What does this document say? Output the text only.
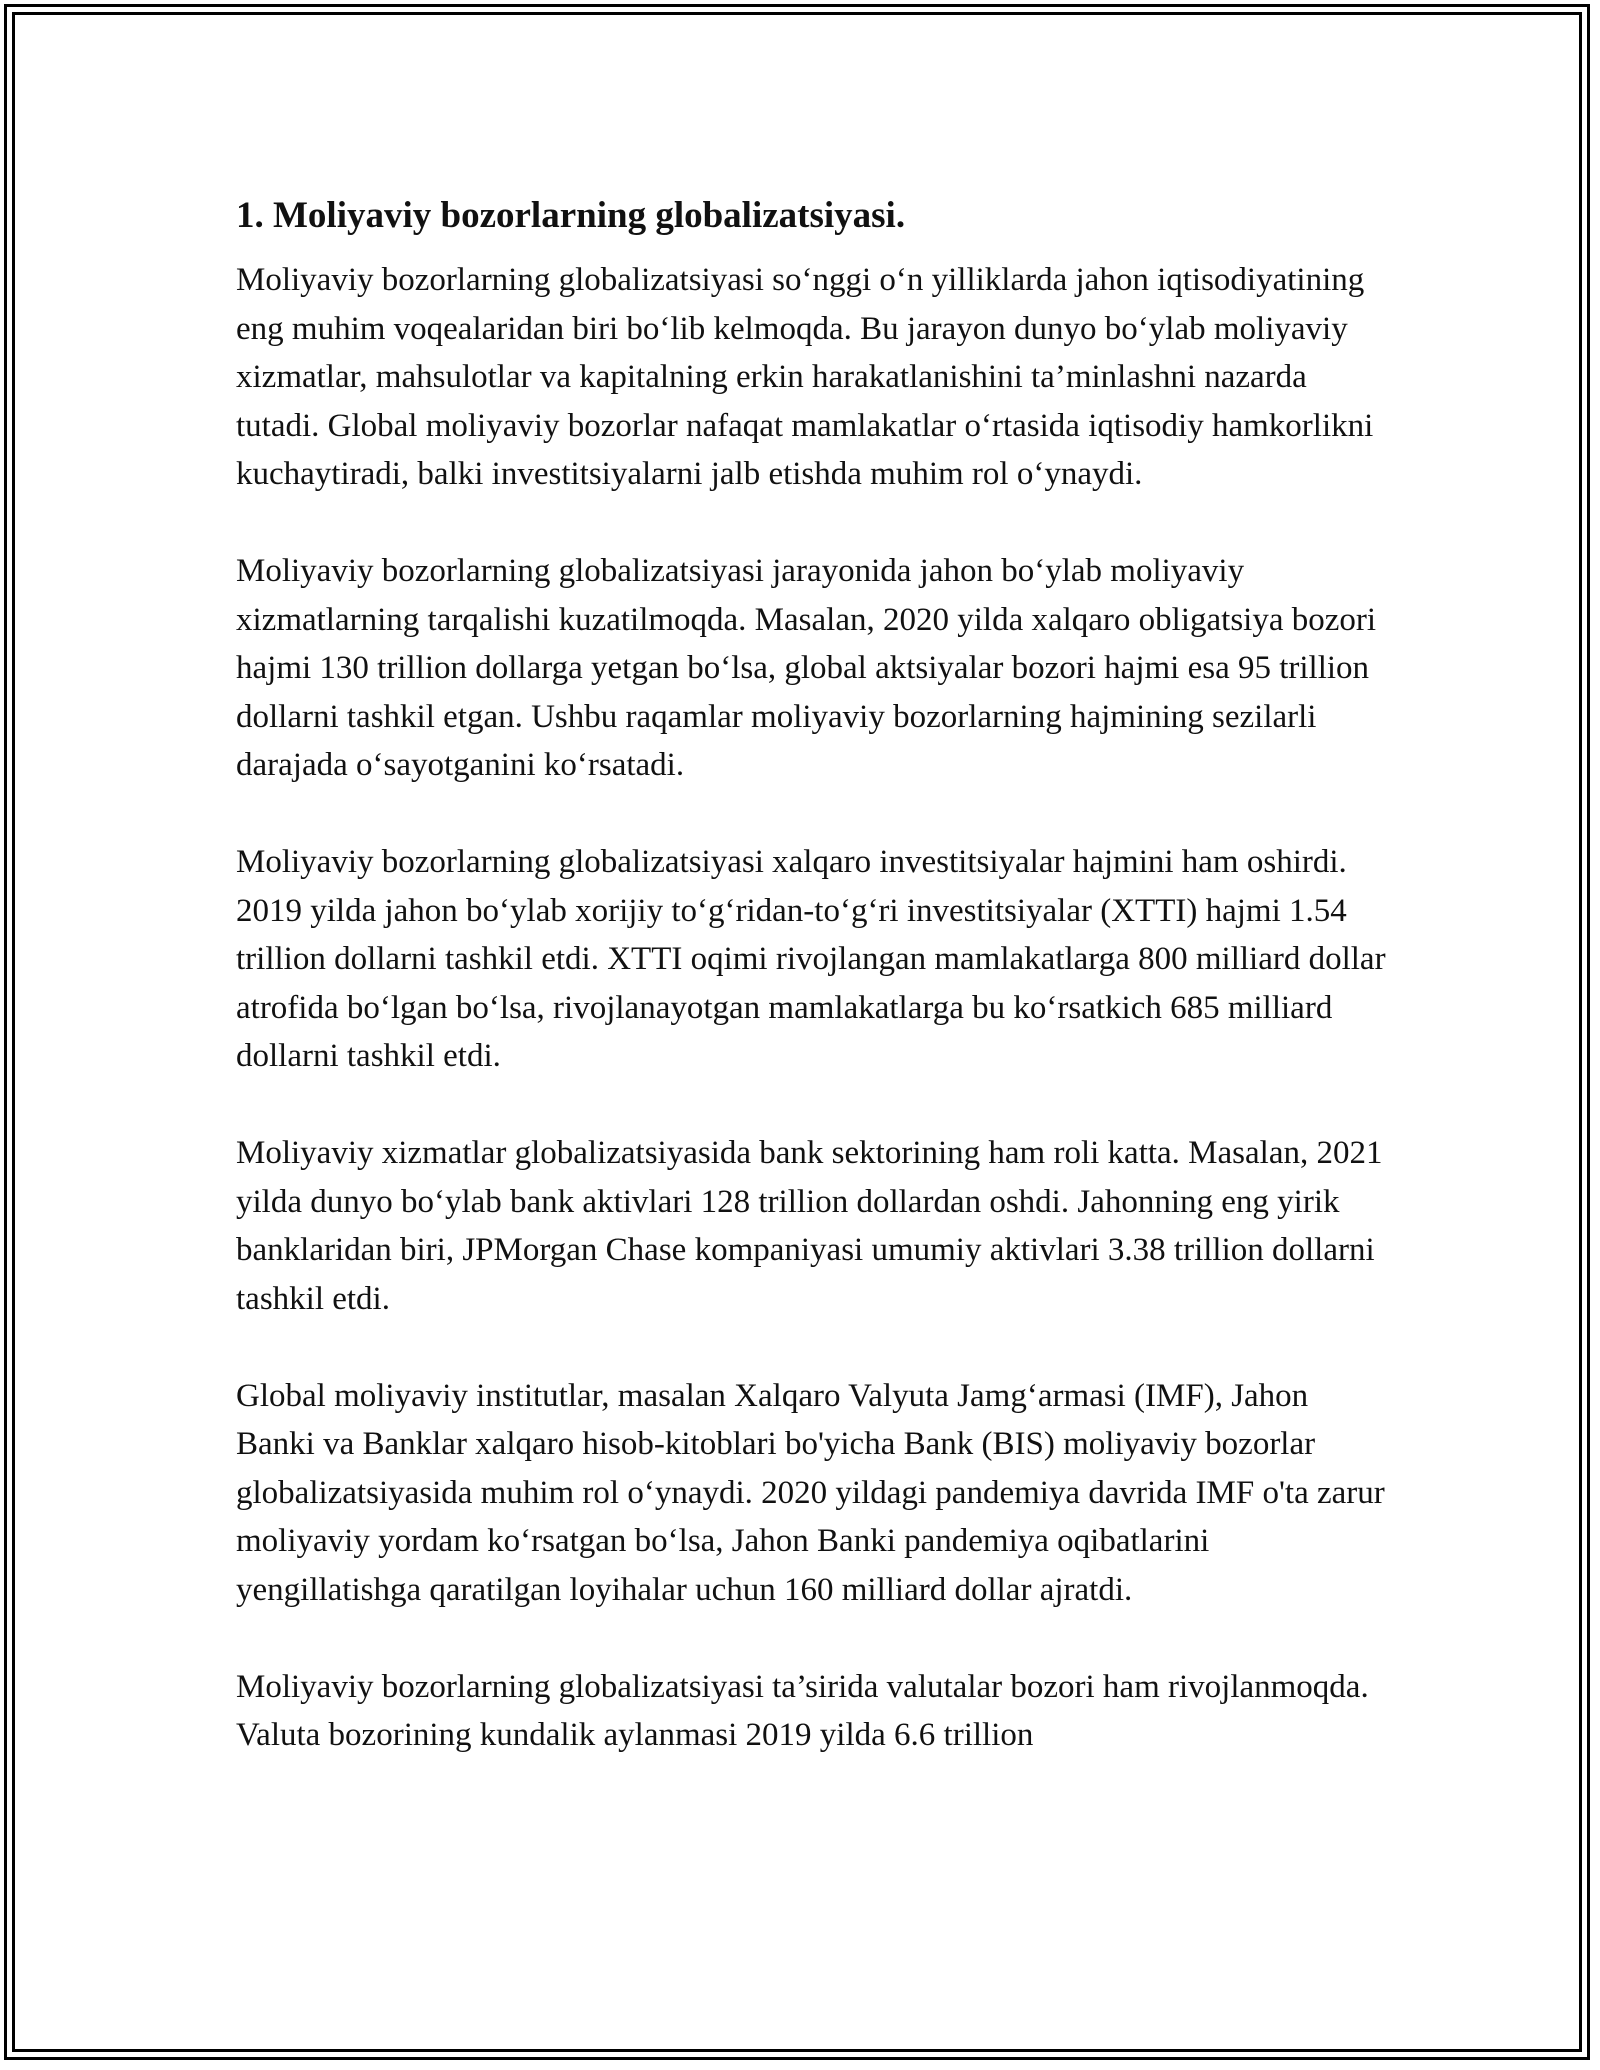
1. Moliyaviy bozorlarning globalizatsiyasi.

Moliyaviy bozorlarning globalizatsiyasi so‘nggi o‘n yilliklarda jahon iqtisodiyatining eng muhim voqealaridan biri bo‘lib kelmoqda. Bu jarayon dunyo bo‘ylab moliyaviy xizmatlar, mahsulotlar va kapitalning erkin harakatlanishini ta’minlashni nazarda tutadi. Global moliyaviy bozorlar nafaqat mamlakatlar o‘rtasida iqtisodiy hamkorlikni kuchaytiradi, balki investitsiyalarni jalb etishda muhim rol o‘ynaydi.

Moliyaviy bozorlarning globalizatsiyasi jarayonida jahon bo‘ylab moliyaviy xizmatlarning tarqalishi kuzatilmoqda. Masalan, 2020 yilda xalqaro obligatsiya bozori hajmi 130 trillion dollarga yetgan bo‘lsa, global aktsiyalar bozori hajmi esa 95 trillion dollarni tashkil etgan. Ushbu raqamlar moliyaviy bozorlarning hajmining sezilarli darajada o‘sayotganini ko‘rsatadi.

Moliyaviy bozorlarning globalizatsiyasi xalqaro investitsiyalar hajmini ham oshirdi. 2019 yilda jahon bo‘ylab xorijiy to‘g‘ridan-to‘g‘ri investitsiyalar (XTTI) hajmi 1.54 trillion dollarni tashkil etdi. XTTI oqimi rivojlangan mamlakatlarga 800 milliard dollar atrofida bo‘lgan bo‘lsa, rivojlanayotgan mamlakatlarga bu ko‘rsatkich 685 milliard dollarni tashkil etdi.

Moliyaviy xizmatlar globalizatsiyasida bank sektorining ham roli katta. Masalan, 2021 yilda dunyo bo‘ylab bank aktivlari 128 trillion dollardan oshdi. Jahonning eng yirik banklaridan biri, JPMorgan Chase kompaniyasi umumiy aktivlari 3.38 trillion dollarni tashkil etdi.

Global moliyaviy institutlar, masalan Xalqaro Valyuta Jamg‘armasi (IMF), Jahon Banki va Banklar xalqaro hisob-kitoblari bo'yicha Bank (BIS) moliyaviy bozorlar globalizatsiyasida muhim rol o‘ynaydi. 2020 yildagi pandemiya davrida IMF o'ta zarur moliyaviy yordam ko‘rsatgan bo‘lsa, Jahon Banki pandemiya oqibatlarini yengillatishga qaratilgan loyihalar uchun 160 milliard dollar ajratdi.

Moliyaviy bozorlarning globalizatsiyasi ta’sirida valutalar bozori ham rivojlanmoqda. Valuta bozorining kundalik aylanmasi 2019 yilda 6.6 trillion
